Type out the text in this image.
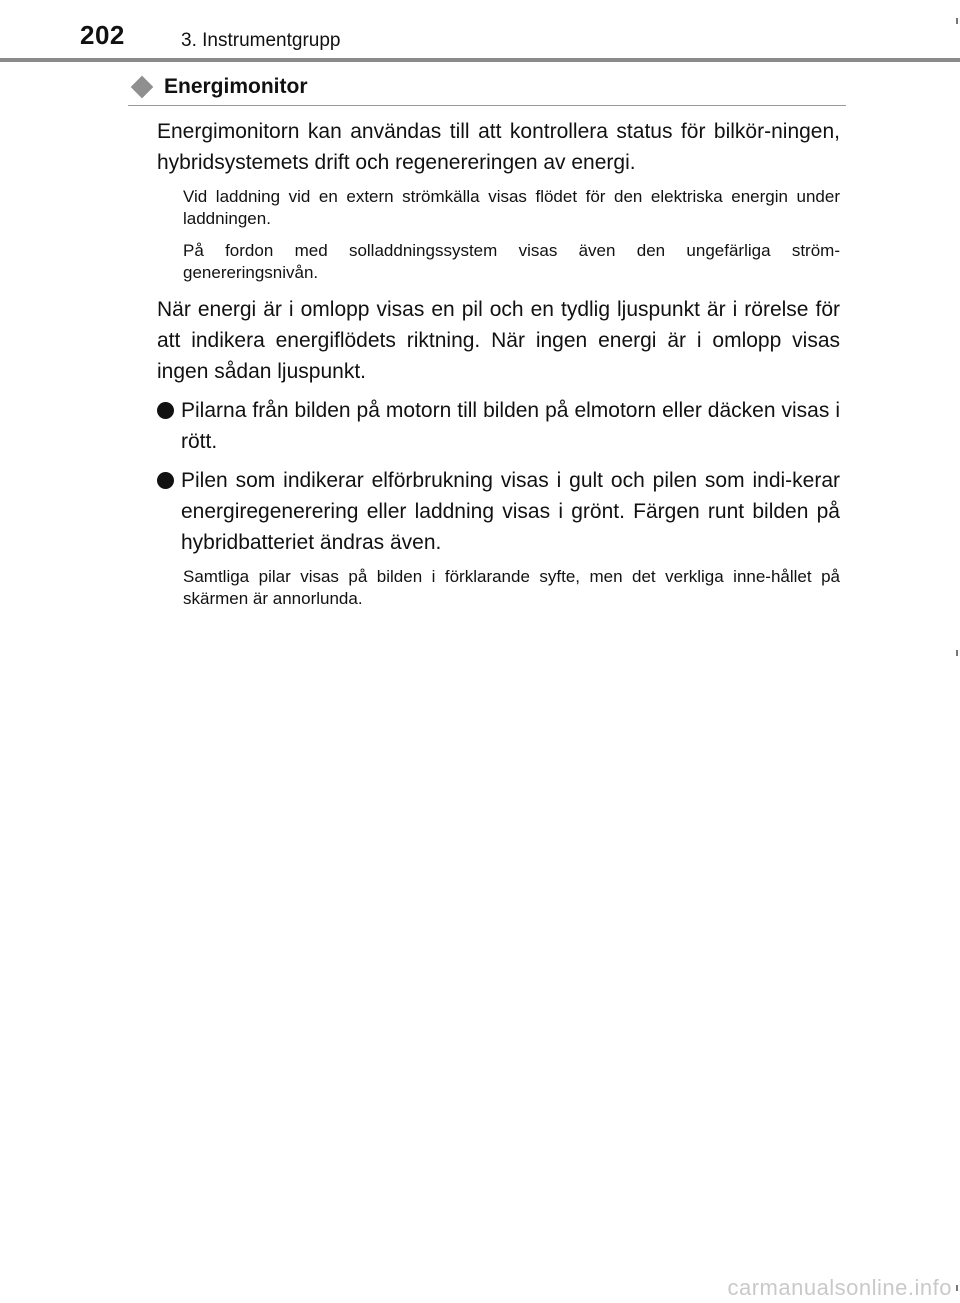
202	3. Instrumentgrupp
Energimonitor

Energimonitorn kan användas till att kontrollera status för bilkör-ningen, hybridsystemets drift och regenereringen av energi.

Vid laddning vid en extern strömkälla visas flödet för den elektriska energin under laddningen.

På fordon med solladdningssystem visas även den ungefärliga ström-genereringsnivån.

När energi är i omlopp visas en pil och en tydlig ljuspunkt är i rörelse för att indikera energiflödets riktning. När ingen energi är i omlopp visas ingen sådan ljuspunkt.

Pilarna från bilden på motorn till bilden på elmotorn eller däcken visas i rött.
Pilen som indikerar elförbrukning visas i gult och pilen som indi-kerar energiregenerering eller laddning visas i grönt. Färgen runt bilden på hybridbatteriet ändras även.

Samtliga pilar visas på bilden i förklarande syfte, men det verkliga inne-hållet på skärmen är annorlunda.

carmanualsonline.info
